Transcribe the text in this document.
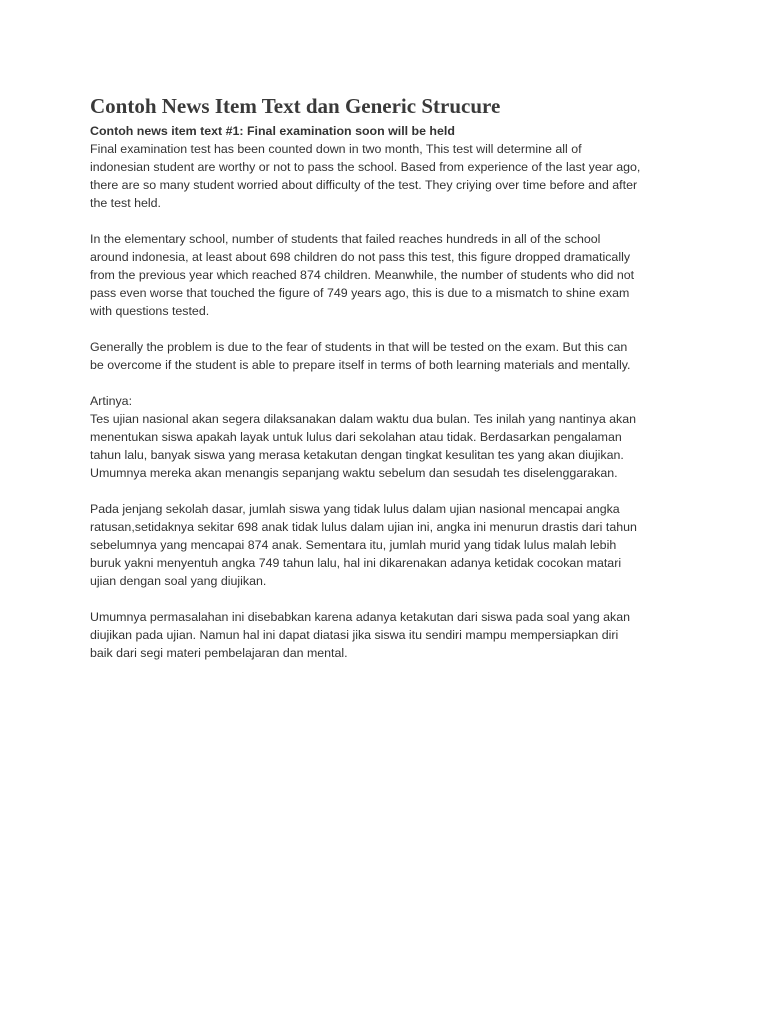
Contoh News Item Text dan Generic Strucure

Contoh news item text #1: Final examination soon will be held

Final examination test has been counted down in two month, This test will determine all of
indonesian student are worthy or not to pass the school. Based from experience of the last year ago,
there are so many student worried about difficulty of the test. They criying over time before and after
the test held.

In the elementary school, number of students that failed reaches hundreds in all of the school
around indonesia, at least about 698 children do not pass this test, this figure dropped dramatically
from the previous year which reached 874 children. Meanwhile, the number of students who did not
pass even worse that touched the figure of 749 years ago, this is due to a mismatch to shine exam
with questions tested.

Generally the problem is due to the fear of students in that will be tested on the exam. But this can
be overcome if the student is able to prepare itself in terms of both learning materials and mentally.

Artinya:
Tes ujian nasional akan segera dilaksanakan dalam waktu dua bulan. Tes inilah yang nantinya akan
menentukan siswa apakah layak untuk lulus dari sekolahan atau tidak. Berdasarkan pengalaman
tahun lalu, banyak siswa yang merasa ketakutan dengan tingkat kesulitan tes yang akan diujikan.
Umumnya mereka akan menangis sepanjang waktu sebelum dan sesudah tes diselenggarakan.

Pada jenjang sekolah dasar, jumlah siswa yang tidak lulus dalam ujian nasional mencapai angka
ratusan,setidaknya sekitar 698 anak tidak lulus dalam ujian ini, angka ini menurun drastis dari tahun
sebelumnya yang mencapai 874 anak. Sementara itu, jumlah murid yang tidak lulus malah lebih
buruk yakni menyentuh angka 749 tahun lalu, hal ini dikarenakan adanya ketidak cocokan matari
ujian dengan soal yang diujikan.

Umumnya permasalahan ini disebabkan karena adanya ketakutan dari siswa pada soal yang akan
diujikan pada ujian. Namun hal ini dapat diatasi jika siswa itu sendiri mampu mempersiapkan diri
baik dari segi materi pembelajaran dan mental.
